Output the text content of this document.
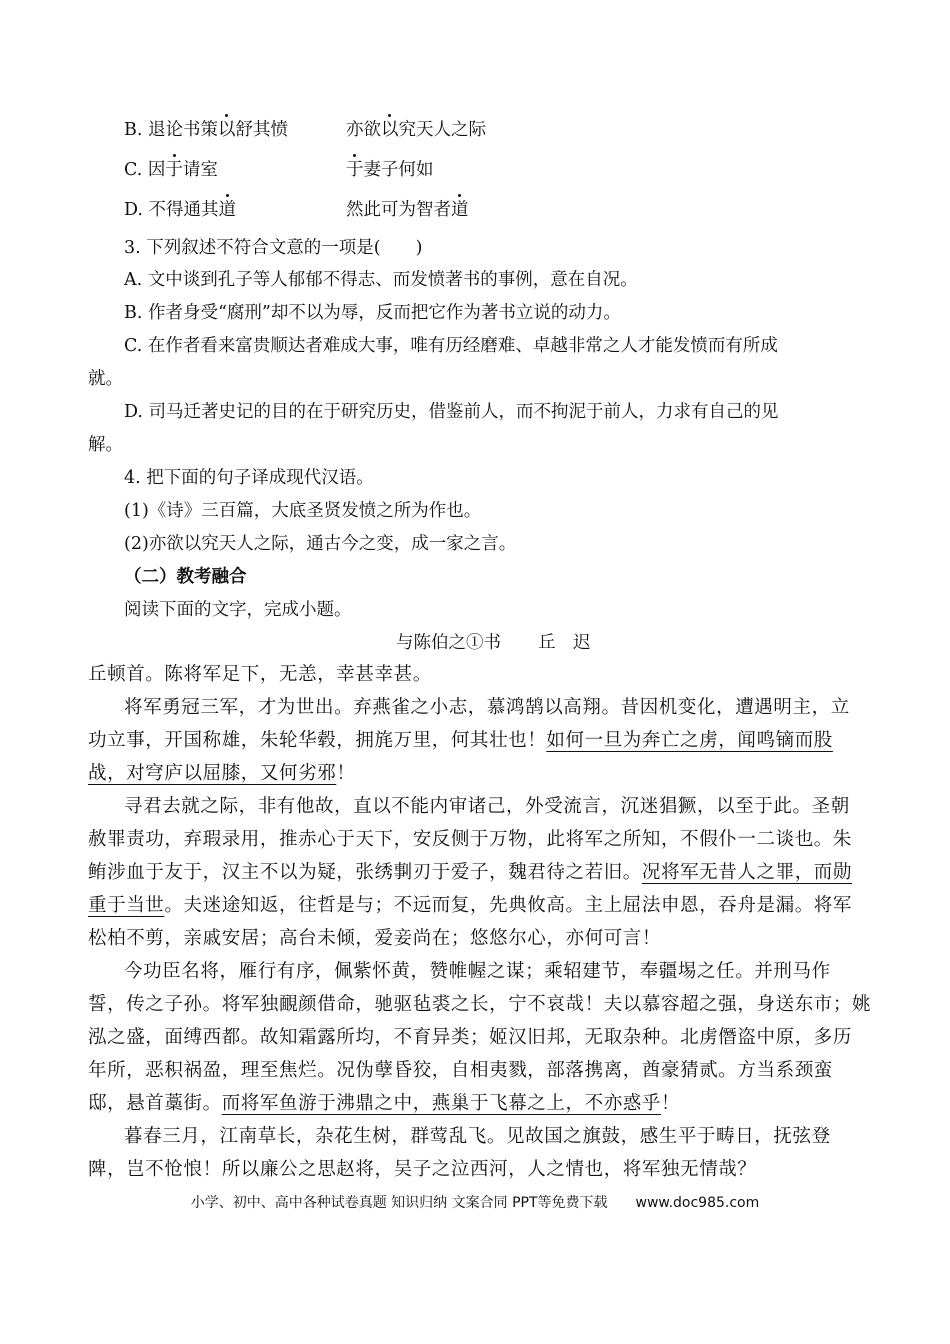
B. 退论书策以舒其愤	亦欲以究天人之际
C. 因于请室	于妻子何如
D. 不得通其道	然此可为智者道
3. 下列叙述不符合文意的一项是(　　)
A. 文中谈到孔子等人郁郁不得志、而发愤著书的事例，意在自况。
B. 作者身受“腐刑”却不以为辱，反而把它作为著书立说的动力。
C. 在作者看来富贵顺达者难成大事，唯有历经磨难、卓越非常之人才能发愤而有所成
就。
D. 司马迁著史记的目的在于研究历史，借鉴前人，而不拘泥于前人，力求有自己的见
解。
4. 把下面的句子译成现代汉语。
(1)《诗》三百篇，大底圣贤发愤之所为作也。
(2)亦欲以究天人之际，通古今之变，成一家之言。
（二）教考融合
阅读下面的文字，完成小题。
与陈伯之①书 丘　迟
丘顿首。陈将军足下，无恙，幸甚幸甚。
将军勇冠三军，才为世出。弃燕雀之小志，慕鸿鹄以高翔。昔因机变化，遭遇明主，立
功立事，开国称雄，朱轮华毂，拥旄万里，何其壮也！如何一旦为奔亡之虏，闻鸣镝而股
战，对穹庐以屈膝，又何劣邪！
寻君去就之际，非有他故，直以不能内审诸己，外受流言，沉迷猖獗，以至于此。圣朝
赦罪责功，弃瑕录用，推赤心于天下，安反侧于万物，此将军之所知，不假仆一二谈也。朱
鲔涉血于友于，汉主不以为疑，张绣剚刃于爱子，魏君待之若旧。况将军无昔人之罪，而勋
重于当世。夫迷途知返，往哲是与；不远而复，先典攸高。主上屈法申恩，吞舟是漏。将军
松柏不剪，亲戚安居；高台未倾，爱妾尚在；悠悠尔心，亦何可言！
今功臣名将，雁行有序，佩紫怀黄，赞帷幄之谋；乘轺建节，奉疆埸之任。并刑马作
誓，传之子孙。将军独靦颜借命，驰驱毡裘之长，宁不哀哉！夫以慕容超之强，身送东市；姚
泓之盛，面缚西都。故知霜露所均，不育异类；姬汉旧邦，无取杂种。北虏僭盗中原，多历
年所，恶积祸盈，理至焦烂。况伪孽昏狡，自相夷戮，部落携离，酋豪猜贰。方当系颈蛮
邸，悬首藁街。而将军鱼游于沸鼎之中，燕巢于飞幕之上，不亦惑乎！
暮春三月，江南草长，杂花生树，群莺乱飞。见故国之旗鼓，感生平于畴日，抚弦登
陴，岂不怆悢！所以廉公之思赵将，吴子之泣西河，人之情也，将军独无情哉？
小学、初中、高中各种试卷真题 知识归纳 文案合同 PPT等免费下载 www.doc985.com
